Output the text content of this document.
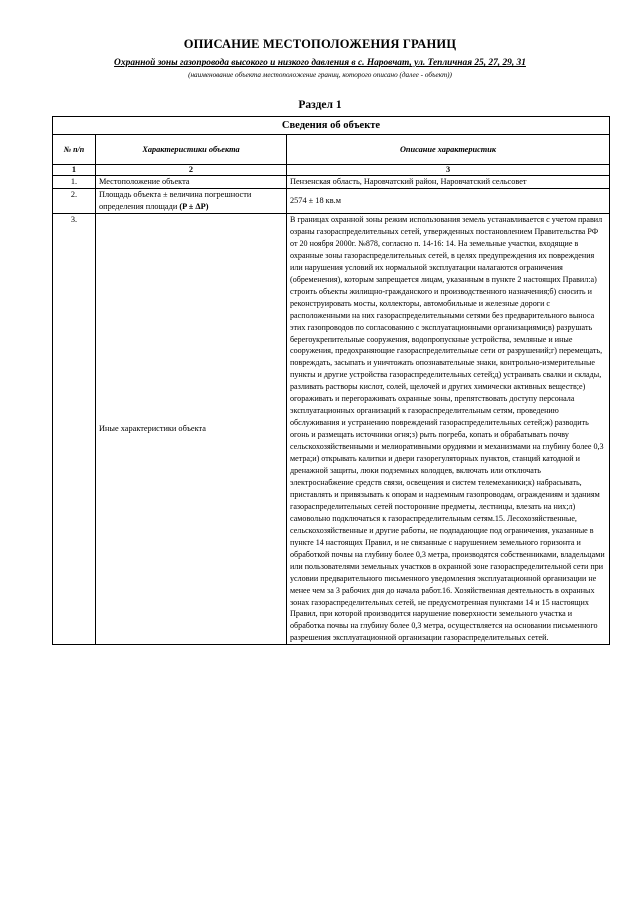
ОПИСАНИЕ МЕСТОПОЛОЖЕНИЯ ГРАНИЦ
Охранной зоны газопровода высокого и низкого давления в с. Наровчат, ул. Тепличная 25, 27, 29, 31
(наименование объекта местоположение границ, которого описано (далее - объект))
Раздел 1
Сведения об объекте		
№ п/п	Характеристики объекта	Описание характеристик
1	2	3
1.	Местоположение объекта	Пензенская область, Наровчатский район, Наровчатский сельсовет
2.	Площадь объекта ± величина погрешности определения площади (P ± ΔP)	2574 ± 18 кв.м
3.	Иные характеристики объекта	В границах охранной зоны режим использования земель устанавливается с учетом правил озраны газораспределительных сетей, утвержденных постановлением Правительства РФ от 20 ноября 2000г. №878, согласно п. 14-16: 14. На земельные участки, входящие в охранные зоны газораспределительных сетей, в целях предупреждения их повреждения или нарушения условий их нормальной эксплуатации налагаются ограничения (обременения), которым запрещается лицам, указанным в пункте 2 настоящих Правил:а) строить объекты жилищно-гражданского и производственного назначения;б) сносить и реконструировать мосты, коллекторы, автомобильные и железные дороги с расположенными на них газораспределительными сетями без предварительного выноса этих газопроводов по согласованию с эксплуатационными организациями;в) разрушать берегоукрепительные сооружения, водопропускные устройства, земляные и иные сооружения, предохраняющие газораспределительные сети от разрушений;г) перемещать, повреждать, засыпать и уничтожать опознавательные знаки, контрольно-измерительные пункты и другие устройства газораспределительных сетей;д) устраивать свалки и склады, разливать растворы кислот, солей, щелочей и других химически активных веществ;е) огораживать и перегораживать охранные зоны, препятствовать доступу персонала эксплуатационных организаций к газораспределительным сетям, проведению обслуживания и устранению повреждений газораспределительных сетей;ж) разводить огонь и размещать источники огня;з) рыть погреба, копать и обрабатывать почву сельскохозяйственными и мелиоративными орудиями и механизмами на глубину более 0,3 метра;и) открывать калитки и двери газорегуляторных пунктов, станций катодной и дренажной защиты, люки подземных колодцев, включать или отключать электроснабжение средств связи, освещения и систем телемеханики;к) набрасывать, приставлять и привязывать к опорам и надземным газопроводам, ограждениям и зданиям газораспределительных сетей посторонние предметы, лестницы, влезать на них;л) самовольно подключаться к газораспределительным сетям.15. Лесохозяйственные, сельскохозяйственные и другие работы, не подпадающие под ограничения, указанные в пункте 14 настоящих Правил, и не связанные с нарушением земельного горизонта и обработкой почвы на глубину более 0,3 метра, производятся собственниками, владельцами или пользователями земельных участков в охранной зоне газораспределительной сети при условии предварительного письменного уведомления эксплуатационной организации не менее чем за 3 рабочих дня до начала работ.16. Хозяйственная деятельность в охранных зонах газораспределительных сетей, не предусмотренная пунктами 14 и 15 настоящих Правил, при которой производится нарушение поверхности земельного участка и обработка почвы на глубину более 0,3 метра, осуществляется на основании письменного разрешения эксплуатационной организации газораспределительных сетей.
